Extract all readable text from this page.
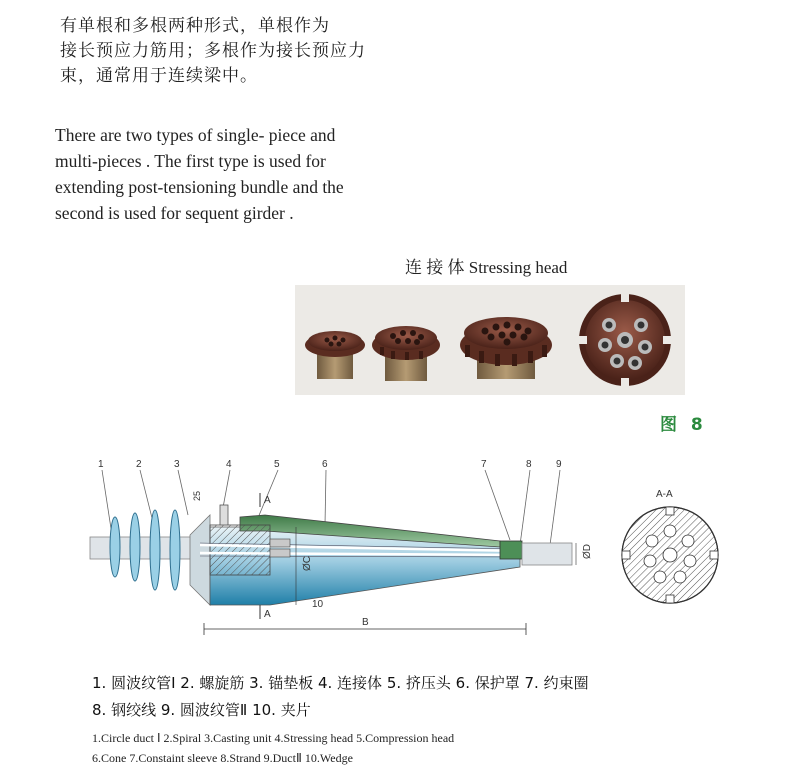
有单根和多根两种形式，单根作为
接长预应力筋用；多根作为接长预应力
束，通常用于连续梁中。
There are two types of single- piece and
multi-pieces . The first type is used for
extending post-tensioning bundle and the
second is used for sequent girder .
连 接 体 Stressing head
图 8
1	2	3	4	5	6	7	8 9
10
A
A
25
ØC
ØD
B
A-A
1. 圆波纹管Ⅰ 2. 螺旋筋 3. 锚垫板 4. 连接体 5. 挤压头 6. 保护罩 7. 约束圈
8. 钢绞线 9. 圆波纹管Ⅱ 10. 夹片
1.Circle duct Ⅰ 2.Spiral 3.Casting unit 4.Stressing head 5.Compression head
6.Cone 7.Constaint sleeve 8.Strand 9.DuctⅡ 10.Wedge
